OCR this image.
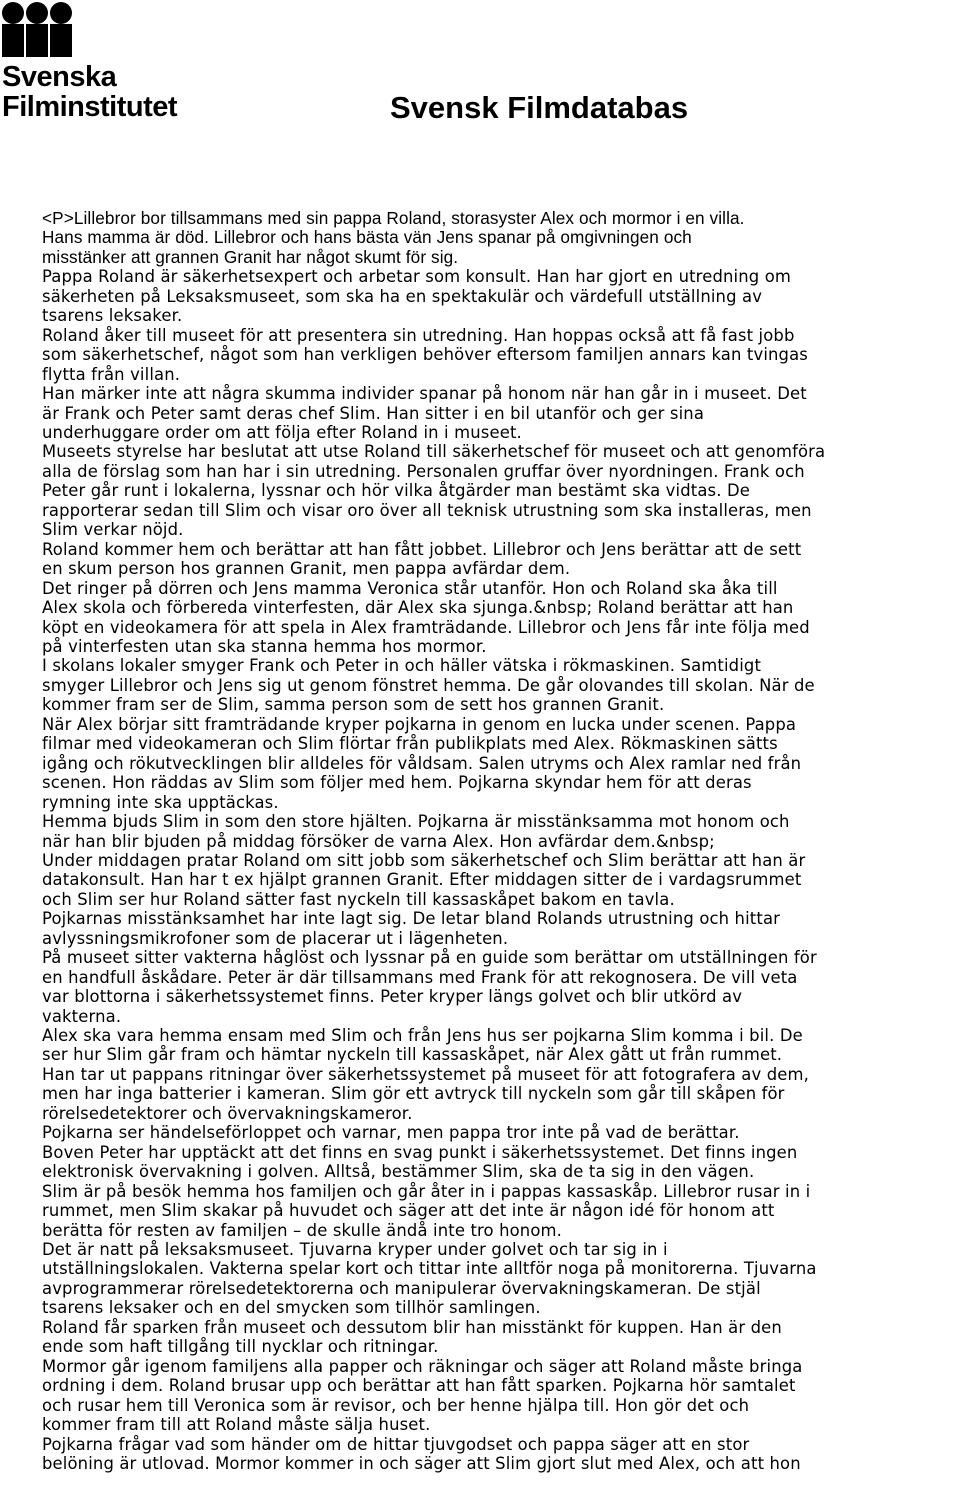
Svenska
Filminstitutet	Svensk Filmdatabas

<P>Lillebror bor tillsammans med sin pappa Roland, storasyster Alex och mormor i en villa.

Hans mamma är död. Lillebror och hans bästa vän Jens spanar på omgivningen och

misstänker att grannen Granit har något skumt för sig.

Pappa Roland är säkerhetsexpert och arbetar som konsult. Han har gjort en utredning om

säkerheten på Leksaksmuseet, som ska ha en spektakulär och värdefull utställning av

tsarens leksaker.

Roland åker till museet för att presentera sin utredning. Han hoppas också att få fast jobb

som säkerhetschef, något som han verkligen behöver eftersom familjen annars kan tvingas

flytta från villan.

Han märker inte att några skumma individer spanar på honom när han går in i museet. Det

är Frank och Peter samt deras chef Slim. Han sitter i en bil utanför och ger sina

underhuggare order om att följa efter Roland in i museet.

Museets styrelse har beslutat att utse Roland till säkerhetschef för museet och att genomföra

alla de förslag som han har i sin utredning. Personalen gruffar över nyordningen. Frank och

Peter går runt i lokalerna, lyssnar och hör vilka åtgärder man bestämt ska vidtas. De

rapporterar sedan till Slim och visar oro över all teknisk utrustning som ska installeras, men

Slim verkar nöjd.

Roland kommer hem och berättar att han fått jobbet. Lillebror och Jens berättar att de sett

en skum person hos grannen Granit, men pappa avfärdar dem.

Det ringer på dörren och Jens mamma Veronica står utanför. Hon och Roland ska åka till

Alex skola och förbereda vinterfesten, där Alex ska sjunga.&nbsp; Roland berättar att han

köpt en videokamera för att spela in Alex framträdande. Lillebror och Jens får inte följa med

på vinterfesten utan ska stanna hemma hos mormor.

I skolans lokaler smyger Frank och Peter in och häller vätska i rökmaskinen. Samtidigt

smyger Lillebror och Jens sig ut genom fönstret hemma. De går olovandes till skolan. När de

kommer fram ser de Slim, samma person som de sett hos grannen Granit.

När Alex börjar sitt framträdande kryper pojkarna in genom en lucka under scenen. Pappa

filmar med videokameran och Slim flörtar från publikplats med Alex. Rökmaskinen sätts

igång och rökutvecklingen blir alldeles för våldsam. Salen utryms och Alex ramlar ned från

scenen. Hon räddas av Slim som följer med hem. Pojkarna skyndar hem för att deras

rymning inte ska upptäckas.

Hemma bjuds Slim in som den store hjälten. Pojkarna är misstänksamma mot honom och

när han blir bjuden på middag försöker de varna Alex. Hon avfärdar dem.&nbsp;

Under middagen pratar Roland om sitt jobb som säkerhetschef och Slim berättar att han är

datakonsult. Han har t ex hjälpt grannen Granit. Efter middagen sitter de i vardagsrummet

och Slim ser hur Roland sätter fast nyckeln till kassaskåpet bakom en tavla.

Pojkarnas misstänksamhet har inte lagt sig. De letar bland Rolands utrustning och hittar

avlyssningsmikrofoner som de placerar ut i lägenheten.

På museet sitter vakterna håglöst och lyssnar på en guide som berättar om utställningen för

en handfull åskådare. Peter är där tillsammans med Frank för att rekognosera. De vill veta

var blottorna i säkerhetssystemet finns. Peter kryper längs golvet och blir utkörd av

vakterna.

Alex ska vara hemma ensam med Slim och från Jens hus ser pojkarna Slim komma i bil. De

ser hur Slim går fram och hämtar nyckeln till kassaskåpet, när Alex gått ut från rummet.

Han tar ut pappans ritningar över säkerhetssystemet på museet för att fotografera av dem,

men har inga batterier i kameran. Slim gör ett avtryck till nyckeln som går till skåpen för

rörelsedetektorer och övervakningskameror.

Pojkarna ser händelseförloppet och varnar, men pappa tror inte på vad de berättar.

Boven Peter har upptäckt att det finns en svag punkt i säkerhetssystemet. Det finns ingen

elektronisk övervakning i golven. Alltså, bestämmer Slim, ska de ta sig in den vägen.

Slim är på besök hemma hos familjen och går åter in i pappas kassaskåp. Lillebror rusar in i

rummet, men Slim skakar på huvudet och säger att det inte är någon idé för honom att

berätta för resten av familjen – de skulle ändå inte tro honom.

Det är natt på leksaksmuseet. Tjuvarna kryper under golvet och tar sig in i

utställningslokalen. Vakterna spelar kort och tittar inte alltför noga på monitorerna. Tjuvarna

avprogrammerar rörelsedetektorerna och manipulerar övervakningskameran. De stjäl

tsarens leksaker och en del smycken som tillhör samlingen.

Roland får sparken från museet och dessutom blir han misstänkt för kuppen. Han är den

ende som haft tillgång till nycklar och ritningar.

Mormor går igenom familjens alla papper och räkningar och säger att Roland måste bringa

ordning i dem. Roland brusar upp och berättar att han fått sparken. Pojkarna hör samtalet

och rusar hem till Veronica som är revisor, och ber henne hjälpa till. Hon gör det och

kommer fram till att Roland måste sälja huset.

Pojkarna frågar vad som händer om de hittar tjuvgodset och pappa säger att en stor

belöning är utlovad. Mormor kommer in och säger att Slim gjort slut med Alex, och att hon
